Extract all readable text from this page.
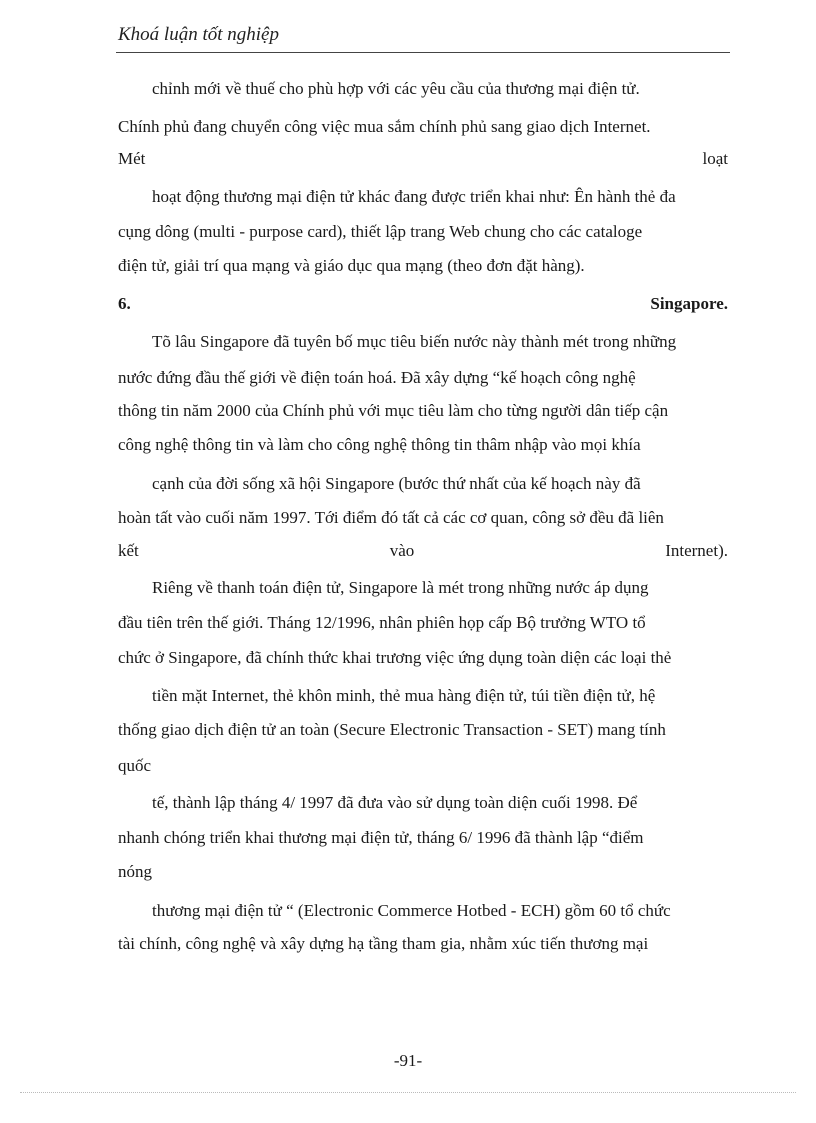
Khoá luận tốt nghiệp
chỉnh mới về thuế cho phù hợp với các yêu cầu của thương mại điện tử.
Chính phủ đang chuyển công việc mua sắm chính phủ sang giao dịch Internet.
Mét	loạt
hoạt động thương mại điện tử khác đang được triển khai như: Ên hành thẻ đa
cụng dông (multi - purpose card), thiết lập trang Web chung cho các cataloge
điện tử, giải trí qua mạng và giáo dục qua mạng (theo đơn đặt hàng).
6.	Singapore.
Tõ lâu Singapore đã tuyên bố mục tiêu biến nước này thành mét trong những
nước đứng đầu thế giới về điện toán hoá. Đã xây dựng “kế hoạch công nghệ
thông tin năm 2000 của Chính phủ với mục tiêu làm cho từng người dân tiếp cận
công nghệ thông tin và làm cho công nghệ thông tin thâm nhập vào mọi khía
cạnh của đời sống xã hội Singapore (bước thứ nhất của kế hoạch này đã
hoàn tất vào cuối năm 1997. Tới điểm đó tất cả các cơ quan, công sở đều đã liên
kết	vào	Internet).
Riêng về thanh toán điện tử, Singapore là mét trong những nước áp dụng
đầu tiên trên thế giới. Tháng 12/1996, nhân phiên họp cấp Bộ trưởng WTO tổ
chức ở Singapore, đã chính thức khai trương việc ứng dụng toàn diện các loại thẻ
tiền mặt Internet, thẻ khôn minh, thẻ mua hàng điện tử, túi tiền điện tử, hệ
thống giao dịch điện tử an toàn (Secure Electronic Transaction - SET) mang tính
quốc
tế, thành lập tháng 4/ 1997 đã đưa vào sử dụng toàn diện cuối 1998. Để
nhanh chóng triển khai thương mại điện tử, tháng 6/ 1996 đã thành lập “điểm
nóng
thương mại điện tử “ (Electronic Commerce Hotbed - ECH) gồm 60 tổ chức
tài chính, công nghệ và xây dựng hạ tầng tham gia, nhằm xúc tiến thương mại
-91-
